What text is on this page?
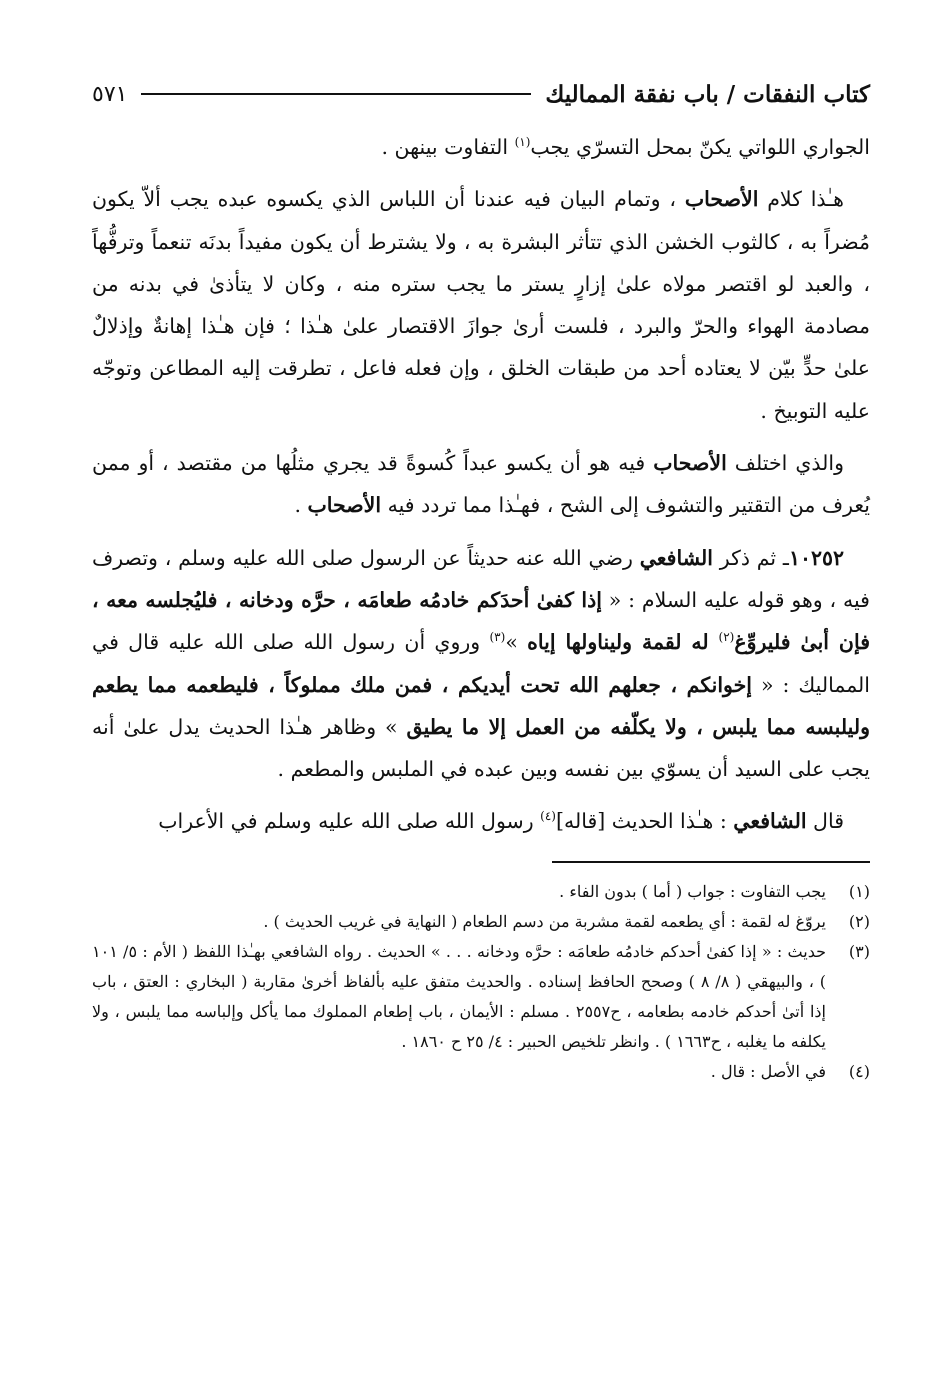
كتاب النفقات / باب نفقة المماليك
٥٧١

الجواري اللواتي يكنّ بمحل التسرّي يجب$^{(١)}$ التفاوت بينهن .

هـٰذا كلام الأصحاب ، وتمام البيان فيه عندنا أن اللباس الذي يكسوه عبده يجب ألاّ يكون مُضراً به ، كالثوب الخشن الذي تتأثر البشرة به ، ولا يشترط أن يكون مفيداً بدنَه تنعماً وترفُّهاً ، والعبد لو اقتصر مولاه علىٰ إزارٍ يستر ما يجب ستره منه ، وكان لا يتأذىٰ في بدنه من مصادمة الهواء والحرّ والبرد ، فلست أرىٰ جوازَ الاقتصار علىٰ هـٰذا ؛ فإن هـٰذا إهانةٌ وإذلالٌ علىٰ حدٍّ بيّن لا يعتاده أحد من طبقات الخلق ، وإن فعله فاعل ، تطرقت إليه المطاعن وتوجّه عليه التوبيخ .

والذي اختلف الأصحاب فيه هو أن يكسو عبداً كُسوةً قد يجري مثلُها من مقتصد ، أو ممن يُعرف من التقتير والتشوف إلى الشح ، فهـٰذا مما تردد فيه الأصحاب .

١٠٢٥٢ـ ثم ذكر الشافعي رضي الله عنه حديثاً عن الرسول صلى الله عليه وسلم ، وتصرف فيه ، وهو قوله عليه السلام : « إذا كفىٰ أحدَكم خادمُه طعامَه ، حرَّه ودخانه ، فليُجلسه معه ، فإن أبىٰ فليروِّغ$^{(٢)}$ له لقمة وليناولها إياه »$^{(٣)}$ وروي أن رسول الله صلى الله عليه قال في المماليك : « إخوانكم ، جعلهم الله تحت أيديكم ، فمن ملك مملوكاً ، فليطعمه مما يطعم وليلبسه مما يلبس ، ولا يكلّفه من العمل إلا ما يطيق » وظاهر هـٰذا الحديث يدل علىٰ أنه يجب على السيد أن يسوّي بين نفسه وبين عبده في الملبس والمطعم .

قال الشافعي : هـٰذا الحديث [قاله]$^{(٤)}$ رسول الله صلى الله عليه وسلم في الأعراب

(١)
يجب التفاوت : جواب ( أما ) بدون الفاء .
(٢)
يروّغ له لقمة : أي يطعمه لقمة مشربة من دسم الطعام ( النهاية في غريب الحديث ) .
(٣)
حديث : « إذا كفىٰ أحدكم خادمُه طعامَه : حرَّه ودخانه . . . » الحديث . رواه الشافعي بهـٰذا اللفظ ( الأم : ٥/ ١٠١ ) ، والبيهقي ( ٨/ ٨ ) وصحح الحافظ إسناده . والحديث متفق عليه بألفاظ أخرىٰ مقاربة ( البخاري : العتق ، باب إذا أتىٰ أحدكم خادمه بطعامه ، ح٢٥٥٧ . مسلم : الأيمان ، باب إطعام المملوك مما يأكل وإلباسه مما يلبس ، ولا يكلفه ما يغلبه ، ح١٦٦٣ ) . وانظر تلخيص الحبير : ٤/ ٢٥ ح ١٨٦٠ .
(٤)
في الأصل : قال .
